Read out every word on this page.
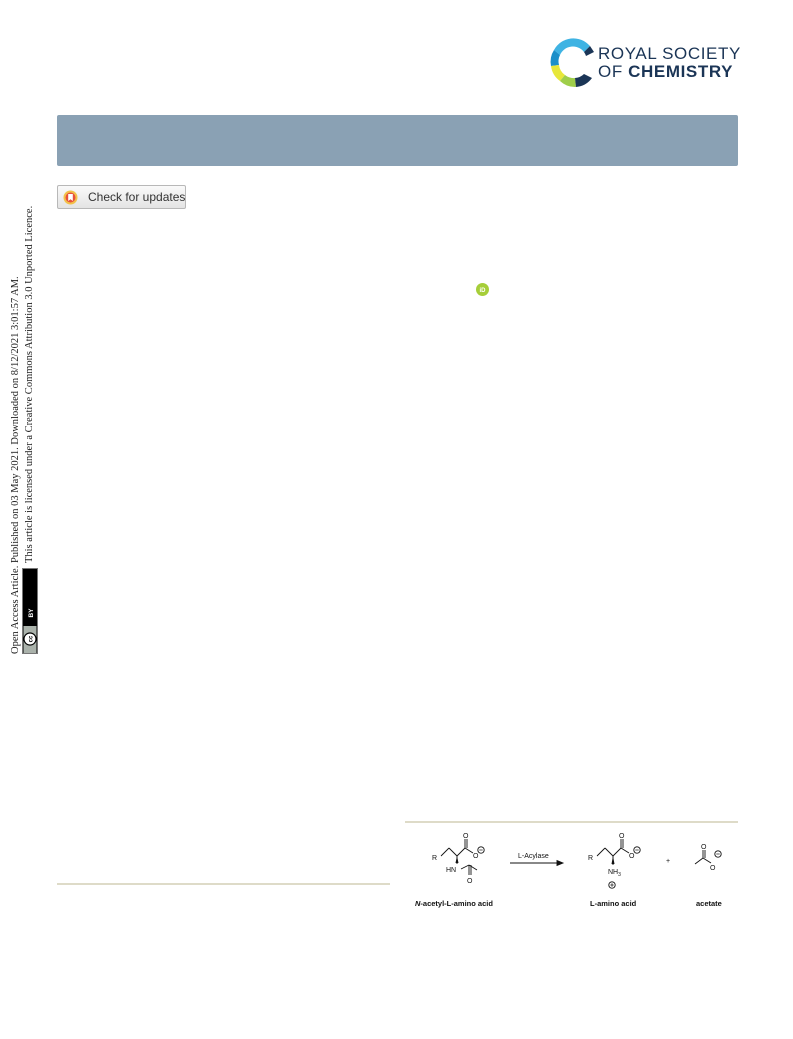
ROYAL SOCIETY
OF CHEMISTRY
Check for updates
iD
Open Access Article. Published on 03 May 2021. Downloaded on 8/12/2021 3:01:57 AM. This article is licensed under a Creative Commons Attribution 3.0 Unported Licence.
cc
BY
R
O
O
HN
O
L-Acylase	R
O
O
$NH_3$
+
O
O
N-acetyl-L-amino acid	L-amino acid	acetate
